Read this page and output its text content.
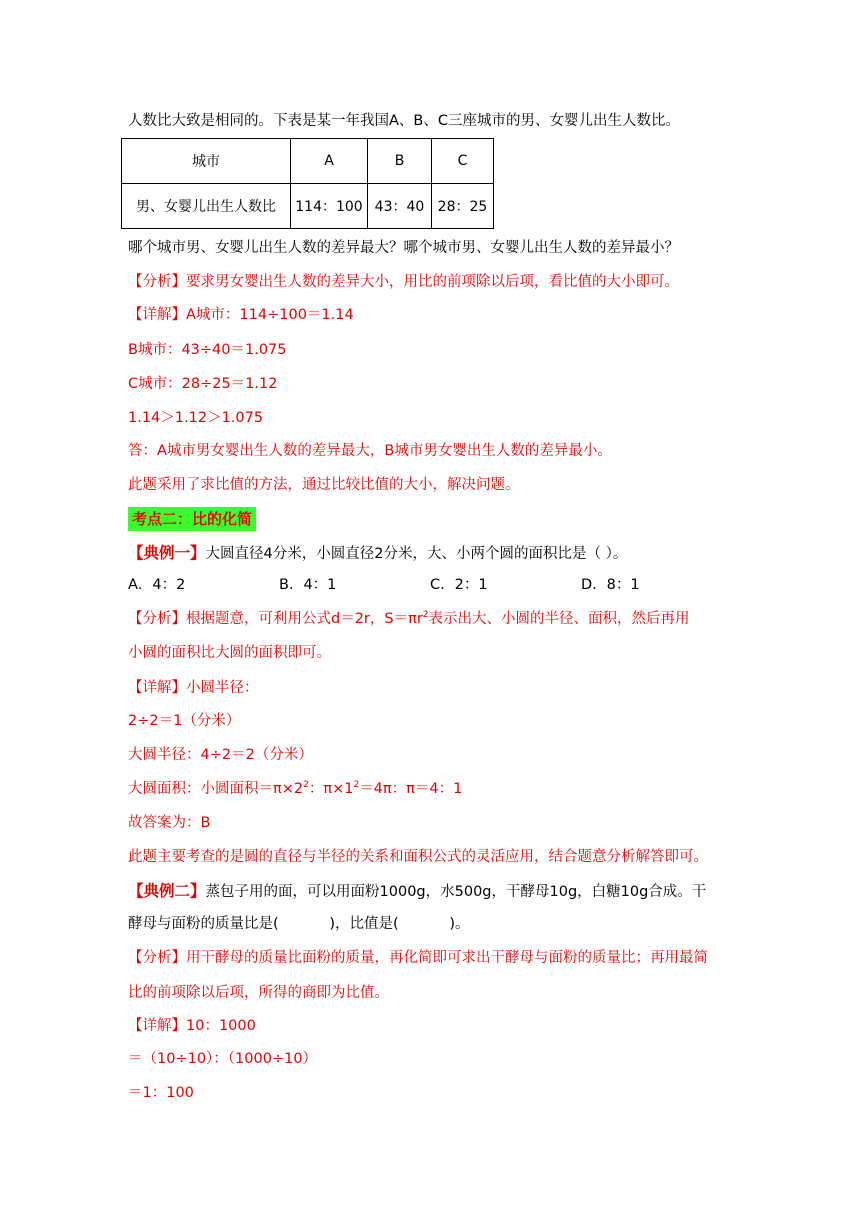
人数比大致是相同的。下表是某一年我国A、B、C三座城市的男、女婴儿出生人数比。
城市	A	B	C
男、女婴儿出生人数比	114：100	43：40	28：25
哪个城市男、女婴儿出生人数的差异最大？哪个城市男、女婴儿出生人数的差异最小？
【分析】要求男女婴出生人数的差异大小，用比的前项除以后项，看比值的大小即可。
【详解】A城市：114÷100＝1.14
B城市：43÷40＝1.075
C城市：28÷25＝1.12
1.14＞1.12＞1.075
答：A城市男女婴出生人数的差异最大，B城市男女婴出生人数的差异最小。
此题采用了求比值的方法，通过比较比值的大小，解决问题。
考点二：比的化简
【典例一】大圆直径4分米，小圆直径2分米，大、小两个圆的面积比是（ ）。
A．4：2	B．4：1	C．2：1	D．8：1
【分析】根据题意，可利用公式d＝2r，$S=\pi r^2$表示出大、小圆的半径、面积，然后再用
小圆的面积比大圆的面积即可。
【详解】小圆半径：
2÷2＝1（分米）
大圆半径：4÷2＝2（分米）
大圆面积：小圆面积$=\pi\times 2^2$：$\pi\times 1^2=4\pi$：π＝4：1
故答案为：B
此题主要考查的是圆的直径与半径的关系和面积公式的灵活应用，结合题意分析解答即可。
【典例二】蒸包子用的面，可以用面粉1000g，水500g，干酵母10g，白糖10g合成。干
酵母与面粉的质量比是(           )，比值是(           )。
【分析】用干酵母的质量比面粉的质量，再化简即可求出干酵母与面粉的质量比；再用最简
比的前项除以后项，所得的商即为比值。
【详解】10：1000
＝（10÷10）：（1000÷10）
＝1：100
